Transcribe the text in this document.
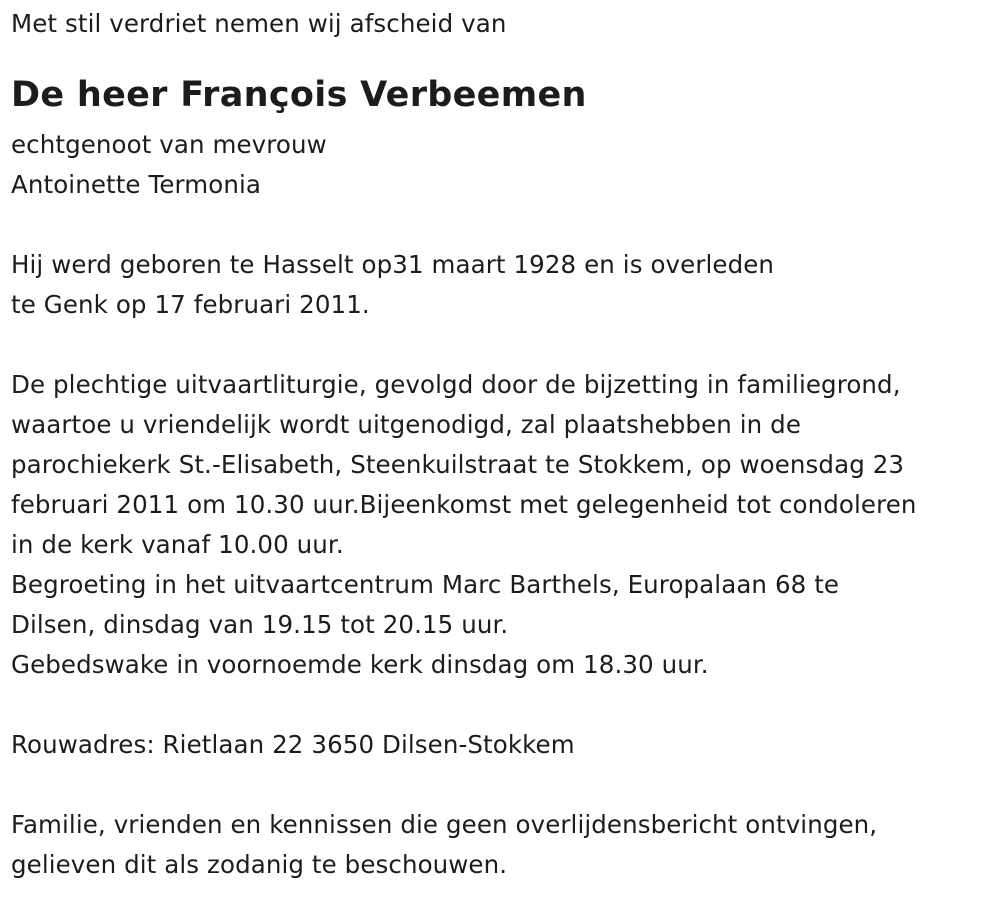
Met stil verdriet nemen wij afscheid van
De heer François Verbeemen
echtgenoot van mevrouw
Antoinette Termonia
Hij werd geboren te Hasselt op31 maart 1928 en is overleden
te Genk op 17 februari 2011.
De plechtige uitvaartliturgie, gevolgd door de bijzetting in familiegrond,
waartoe u vriendelijk wordt uitgenodigd, zal plaatshebben in de
parochiekerk St.-Elisabeth, Steenkuilstraat te Stokkem, op woensdag 23
februari 2011 om 10.30 uur.Bijeenkomst met gelegenheid tot condoleren
in de kerk vanaf 10.00 uur.
Begroeting in het uitvaartcentrum Marc Barthels, Europalaan 68 te
Dilsen, dinsdag van 19.15 tot 20.15 uur.
Gebedswake in voornoemde kerk dinsdag om 18.30 uur.
Rouwadres: Rietlaan 22 3650 Dilsen-Stokkem
Familie, vrienden en kennissen die geen overlijdensbericht ontvingen,
gelieven dit als zodanig te beschouwen.
